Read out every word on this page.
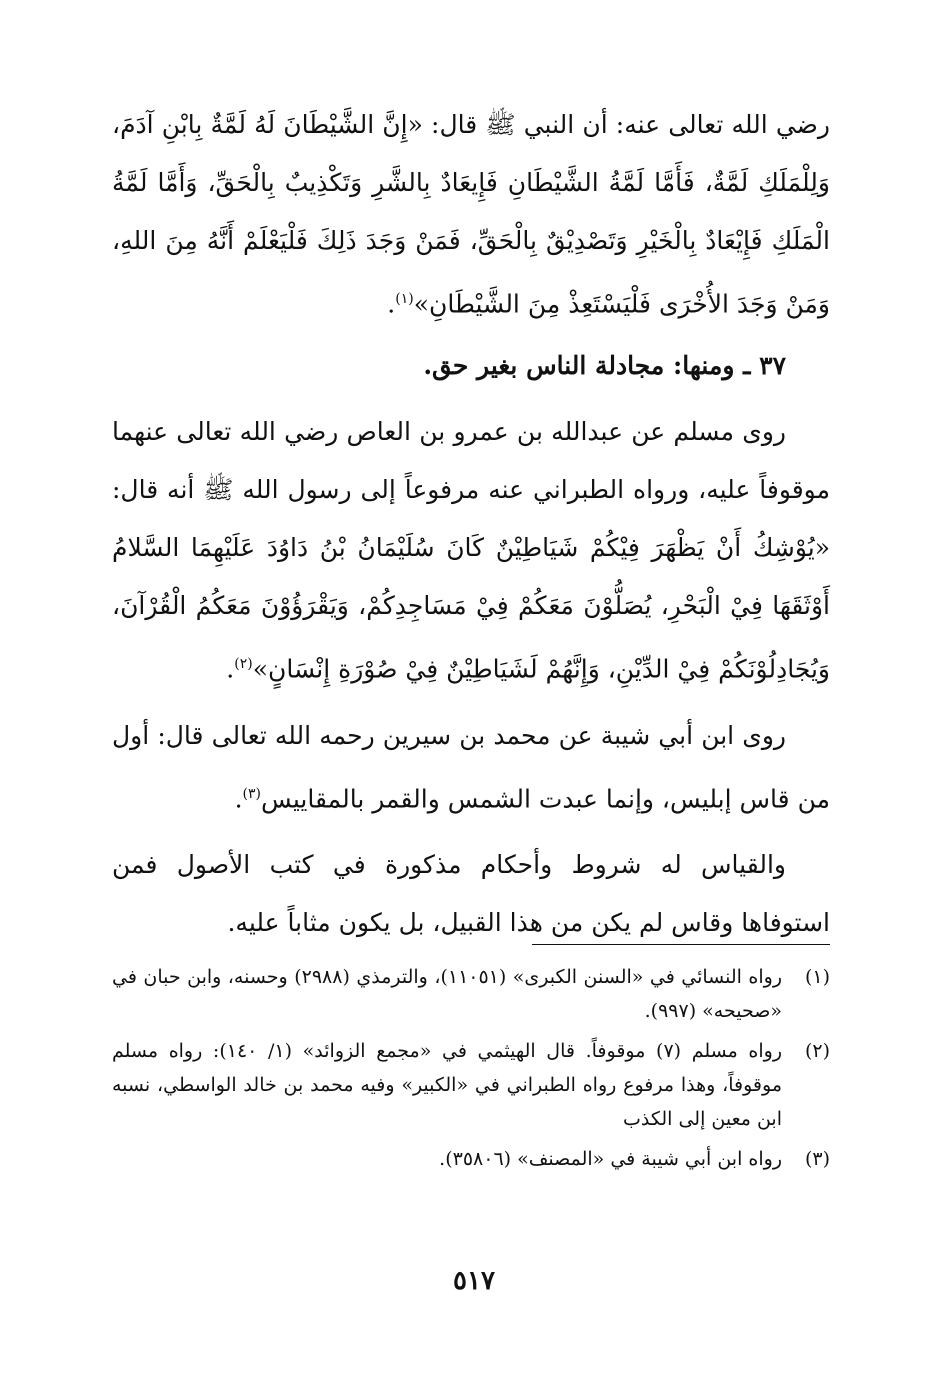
رضي الله تعالى عنه: أن النبي ﷺ قال: «إِنَّ الشَّيْطَانَ لَهُ لَمَّةٌ بِابْنِ آدَمَ، وَلِلْمَلَكِ لَمَّةٌ، فَأَمَّا لَمَّةُ الشَّيْطَانِ فَإِيعَادٌ بِالشَّرِ وَتَكْذِيبٌ بِالْحَقِّ، وَأَمَّا لَمَّةُ الْمَلَكِ فَإِيْعَادٌ بِالْخَيْرِ وَتَصْدِيْقٌ بِالْحَقِّ، فَمَنْ وَجَدَ ذَلِكَ فَلْيَعْلَمْ أَنَّهُ مِنَ اللهِ، وَمَنْ وَجَدَ الأُخْرَى فَلْيَسْتَعِذْ مِنَ الشَّيْطَانِ»$^{(١)}$.

٣٧ ـ ومنها: مجادلة الناس بغير حق.

روى مسلم عن عبدالله بن عمرو بن العاص رضي الله تعالى عنهما موقوفاً عليه، ورواه الطبراني عنه مرفوعاً إلى رسول الله ﷺ أنه قال: «يُوْشِكُ أَنْ يَظْهَرَ فِيْكُمْ شَيَاطِيْنٌ كَانَ سُلَيْمَانُ بْنُ دَاوُدَ عَلَيْهِمَا السَّلامُ أَوْثَقَهَا فِيْ الْبَحْرِ، يُصَلُّوْنَ مَعَكُمْ فِيْ مَسَاجِدِكُمْ، وَيَقْرَؤُوْنَ مَعَكُمُ الْقُرْآنَ، وَيُجَادِلُوْنَكُمْ فِيْ الدِّيْنِ، وَإِنَّهُمْ لَشَيَاطِيْنٌ فِيْ صُوْرَةِ إِنْسَانٍ»$^{(٢)}$.

روى ابن أبي شيبة عن محمد بن سيرين رحمه الله تعالى قال: أول من قاس إبليس، وإنما عبدت الشمس والقمر بالمقاييس$^{(٣)}$.

والقياس له شروط وأحكام مذكورة في كتب الأصول فمن استوفاها وقاس لم يكن من هذا القبيل، بل يكون مثاباً عليه.

(١)
رواه النسائي في «السنن الكبرى» (١١٠٥١)، والترمذي (٢٩٨٨) وحسنه، وابن حبان في «صحيحه» (٩٩٧).
(٢)
رواه مسلم (٧) موقوفاً. قال الهيثمي في «مجمع الزوائد» (١/ ١٤٠): رواه مسلم موقوفاً، وهذا مرفوع رواه الطبراني في «الكبير» وفيه محمد بن خالد الواسطي، نسبه ابن معين إلى الكذب
(٣)
رواه ابن أبي شيبة في «المصنف» (٣٥٨٠٦).
٥١٧
